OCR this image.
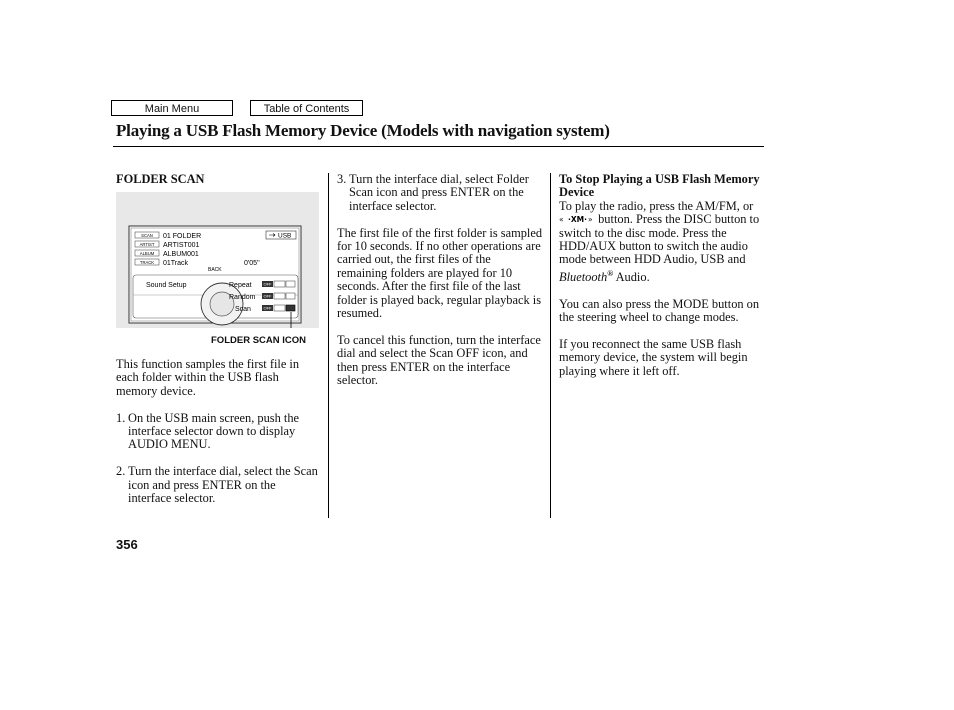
Main Menu	Table of Contents
Playing a USB Flash Memory Device (Models with navigation system)

FOLDER SCAN

SCAN
ARTIST
ALBUM
TRACK
01 FOLDER
ARTIST001
ALBUM001
01Track	0'05''
USB
BACK
Sound Setup	Repeat
Random
Scan
OFF
OFF
OFF
FOLDER SCAN ICON

This function samples the first file in each folder within the USB flash memory device.

1. On the USB main screen, push the interface selector down to display AUDIO MENU.

2. Turn the interface dial, select the Scan icon and press ENTER on the interface selector.

3. Turn the interface dial, select Folder Scan icon and press ENTER on the interface selector.

The first file of the first folder is sampled for 10 seconds. If no other operations are carried out, the first files of the remaining folders are played for 10 seconds. After the first file of the last folder is played back, regular playback is resumed.

To cancel this function, turn the interface dial and select the Scan OFF icon, and then press ENTER on the interface selector.

To Stop Playing a USB Flash Memory Device

To play the radio, press the AM/FM, or
« ·XM· » button. Press the DISC button to switch to the disc mode. Press the HDD/AUX button to switch the audio mode between HDD Audio, USB and Bluetooth® Audio.

You can also press the MODE button on the steering wheel to change modes.

If you reconnect the same USB flash memory device, the system will begin playing where it left off.

356
